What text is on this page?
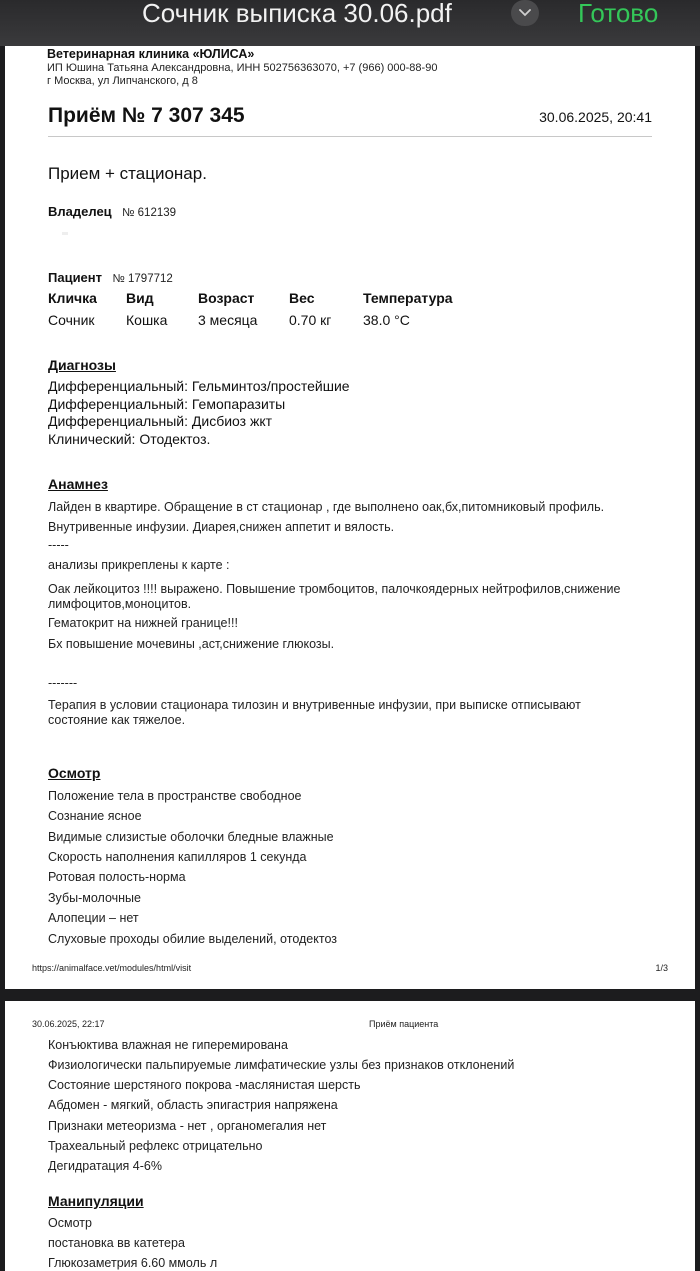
Сочник выписка 30.06.pdf	Готово
Ветеринарная клиника «ЮЛИСА»
ИП Юшина Татьяна Александровна, ИНН 502756363070, +7 (966) 000-88-90
г Москва, ул Липчанского, д 8
Приём № 7 307 345	30.06.2025, 20:41
Прием + стационар.
Владелец № 612139
Пациент № 1797712
Кличка Вид	Возраст Вес	Температура
Сочник Кошка 3 месяца 0.70 кг 38.0 °C
Диагнозы
Дифференциальный: Гельминтоз/простейшие
Дифференциальный: Гемопаразиты
Дифференциальный: Дисбиоз жкт
Клинический: Отодектоз.
Анамнез
Лайден в квартире. Обращение в ст стационар , где выполнено оак,бх,питомниковый профиль.
Внутривенные инфузии. Диарея,снижен аппетит и вялость.
-----
анализы прикреплены к карте :
Оак лейкоцитоз !!!! выражено. Повышение тромбоцитов, палочкоядерных нейтрофилов,снижение
лимфоцитов,моноцитов.
Гематокрит на нижней границе!!!
Бх повышение мочевины ,аст,снижение глюкозы.
-------
Терапия в условии стационара тилозин и внутривенные инфузии, при выписке отписывают
состояние как тяжелое.
Осмотр
Положение тела в пространстве свободное
Сознание ясное
Видимые слизистые оболочки бледные влажные
Скорость наполнения капилляров 1 секунда
Ротовая полость-норма
Зубы-молочные
Алопеции – нет
Слуховые проходы обилие выделений, отодектоз
https://animalface.vet/modules/html/visit	1/3
30.06.2025, 22:17	Приём пациента
Конъюктива влажная не гиперемирована
Физиологически пальпируемые лимфатические узлы без признаков отклонений
Состояние шерстяного покрова -маслянистая шерсть
Абдомен - мягкий, область эпигастрия напряжена
Признаки метеоризма - нет , органомегалия нет
Трахеальный рефлекс отрицательно
Дегидратация 4-6%
Манипуляции
Осмотр
постановка вв катетера
Глюкозаметрия 6.60 ммоль л
